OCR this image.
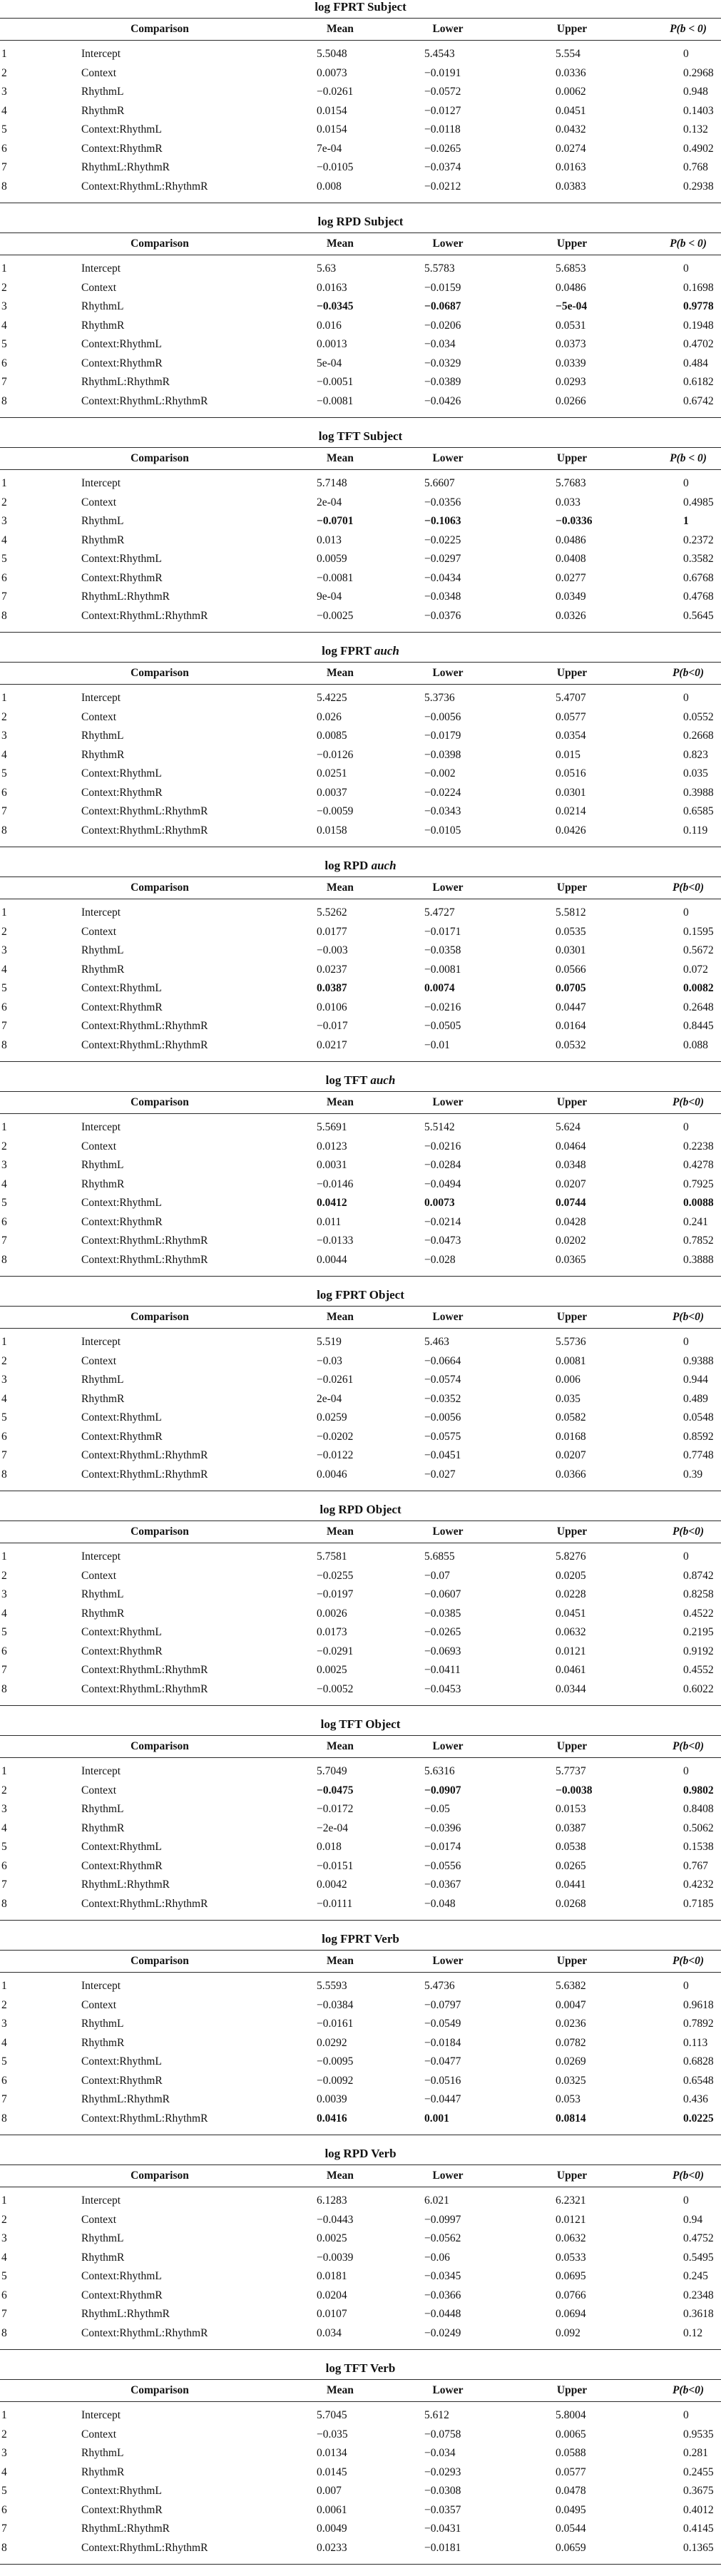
log FPRT Subject
Comparison	Mean	Lower	Upper	P(b < 0)
1	Intercept	5.5048	5.4543	5.554	0
2	Context	0.0073	−0.0191	0.0336	0.2968
3	RhythmL	−0.0261	−0.0572	0.0062	0.948
4	RhythmR	0.0154	−0.0127	0.0451	0.1403
5	Context:RhythmL	0.0154	−0.0118	0.0432	0.132
6	Context:RhythmR	7e-04	−0.0265	0.0274	0.4902
7	RhythmL:RhythmR	−0.0105	−0.0374	0.0163	0.768
8	Context:RhythmL:RhythmR	0.008	−0.0212	0.0383	0.2938
log RPD Subject
Comparison	Mean	Lower	Upper	P(b < 0)
1	Intercept	5.63	5.5783	5.6853	0
2	Context	0.0163	−0.0159	0.0486	0.1698
3	RhythmL	−0.0345	−0.0687	−5e-04	0.9778
4	RhythmR	0.016	−0.0206	0.0531	0.1948
5	Context:RhythmL	0.0013	−0.034	0.0373	0.4702
6	Context:RhythmR	5e-04	−0.0329	0.0339	0.484
7	RhythmL:RhythmR	−0.0051	−0.0389	0.0293	0.6182
8	Context:RhythmL:RhythmR	−0.0081	−0.0426	0.0266	0.6742
log TFT Subject
Comparison	Mean	Lower	Upper	P(b < 0)
1	Intercept	5.7148	5.6607	5.7683	0
2	Context	2e-04	−0.0356	0.033	0.4985
3	RhythmL	−0.0701	−0.1063	−0.0336	1
4	RhythmR	0.013	−0.0225	0.0486	0.2372
5	Context:RhythmL	0.0059	−0.0297	0.0408	0.3582
6	Context:RhythmR	−0.0081	−0.0434	0.0277	0.6768
7	RhythmL:RhythmR	9e-04	−0.0348	0.0349	0.4768
8	Context:RhythmL:RhythmR	−0.0025	−0.0376	0.0326	0.5645
log FPRT auch
Comparison	Mean	Lower	Upper	P(b<0)
1	Intercept	5.4225	5.3736	5.4707	0
2	Context	0.026	−0.0056	0.0577	0.0552
3	RhythmL	0.0085	−0.0179	0.0354	0.2668
4	RhythmR	−0.0126	−0.0398	0.015	0.823
5	Context:RhythmL	0.0251	−0.002	0.0516	0.035
6	Context:RhythmR	0.0037	−0.0224	0.0301	0.3988
7	Context:RhythmL:RhythmR	−0.0059	−0.0343	0.0214	0.6585
8	Context:RhythmL:RhythmR	0.0158	−0.0105	0.0426	0.119
log RPD auch
Comparison	Mean	Lower	Upper	P(b<0)
1	Intercept	5.5262	5.4727	5.5812	0
2	Context	0.0177	−0.0171	0.0535	0.1595
3	RhythmL	−0.003	−0.0358	0.0301	0.5672
4	RhythmR	0.0237	−0.0081	0.0566	0.072
5	Context:RhythmL	0.0387	0.0074	0.0705	0.0082
6	Context:RhythmR	0.0106	−0.0216	0.0447	0.2648
7	Context:RhythmL:RhythmR	−0.017	−0.0505	0.0164	0.8445
8	Context:RhythmL:RhythmR	0.0217	−0.01	0.0532	0.088
log TFT auch
Comparison	Mean	Lower	Upper	P(b<0)
1	Intercept	5.5691	5.5142	5.624	0
2	Context	0.0123	−0.0216	0.0464	0.2238
3	RhythmL	0.0031	−0.0284	0.0348	0.4278
4	RhythmR	−0.0146	−0.0494	0.0207	0.7925
5	Context:RhythmL	0.0412	0.0073	0.0744	0.0088
6	Context:RhythmR	0.011	−0.0214	0.0428	0.241
7	Context:RhythmL:RhythmR	−0.0133	−0.0473	0.0202	0.7852
8	Context:RhythmL:RhythmR	0.0044	−0.028	0.0365	0.3888
log FPRT Object
Comparison	Mean	Lower	Upper	P(b<0)
1	Intercept	5.519	5.463	5.5736	0
2	Context	−0.03	−0.0664	0.0081	0.9388
3	RhythmL	−0.0261	−0.0574	0.006	0.944
4	RhythmR	2e-04	−0.0352	0.035	0.489
5	Context:RhythmL	0.0259	−0.0056	0.0582	0.0548
6	Context:RhythmR	−0.0202	−0.0575	0.0168	0.8592
7	Context:RhythmL:RhythmR	−0.0122	−0.0451	0.0207	0.7748
8	Context:RhythmL:RhythmR	0.0046	−0.027	0.0366	0.39
log RPD Object
Comparison	Mean	Lower	Upper	P(b<0)
1	Intercept	5.7581	5.6855	5.8276	0
2	Context	−0.0255	−0.07	0.0205	0.8742
3	RhythmL	−0.0197	−0.0607	0.0228	0.8258
4	RhythmR	0.0026	−0.0385	0.0451	0.4522
5	Context:RhythmL	0.0173	−0.0265	0.0632	0.2195
6	Context:RhythmR	−0.0291	−0.0693	0.0121	0.9192
7	Context:RhythmL:RhythmR	0.0025	−0.0411	0.0461	0.4552
8	Context:RhythmL:RhythmR	−0.0052	−0.0453	0.0344	0.6022
log TFT Object
Comparison	Mean	Lower	Upper	P(b<0)
1	Intercept	5.7049	5.6316	5.7737	0
2	Context	−0.0475	−0.0907	−0.0038	0.9802
3	RhythmL	−0.0172	−0.05	0.0153	0.8408
4	RhythmR	−2e-04	−0.0396	0.0387	0.5062
5	Context:RhythmL	0.018	−0.0174	0.0538	0.1538
6	Context:RhythmR	−0.0151	−0.0556	0.0265	0.767
7	RhythmL:RhythmR	0.0042	−0.0367	0.0441	0.4232
8	Context:RhythmL:RhythmR	−0.0111	−0.048	0.0268	0.7185
log FPRT Verb
Comparison	Mean	Lower	Upper	P(b<0)
1	Intercept	5.5593	5.4736	5.6382	0
2	Context	−0.0384	−0.0797	0.0047	0.9618
3	RhythmL	−0.0161	−0.0549	0.0236	0.7892
4	RhythmR	0.0292	−0.0184	0.0782	0.113
5	Context:RhythmL	−0.0095	−0.0477	0.0269	0.6828
6	Context:RhythmR	−0.0092	−0.0516	0.0325	0.6548
7	RhythmL:RhythmR	0.0039	−0.0447	0.053	0.436
8	Context:RhythmL:RhythmR	0.0416	0.001	0.0814	0.0225
log RPD Verb
Comparison	Mean	Lower	Upper	P(b<0)
1	Intercept	6.1283	6.021	6.2321	0
2	Context	−0.0443	−0.0997	0.0121	0.94
3	RhythmL	0.0025	−0.0562	0.0632	0.4752
4	RhythmR	−0.0039	−0.06	0.0533	0.5495
5	Context:RhythmL	0.0181	−0.0345	0.0695	0.245
6	Context:RhythmR	0.0204	−0.0366	0.0766	0.2348
7	RhythmL:RhythmR	0.0107	−0.0448	0.0694	0.3618
8	Context:RhythmL:RhythmR	0.034	−0.0249	0.092	0.12
log TFT Verb
Comparison	Mean	Lower	Upper	P(b<0)
1	Intercept	5.7045	5.612	5.8004	0
2	Context	−0.035	−0.0758	0.0065	0.9535
3	RhythmL	0.0134	−0.034	0.0588	0.281
4	RhythmR	0.0145	−0.0293	0.0577	0.2455
5	Context:RhythmL	0.007	−0.0308	0.0478	0.3675
6	Context:RhythmR	0.0061	−0.0357	0.0495	0.4012
7	RhythmL:RhythmR	0.0049	−0.0431	0.0544	0.4145
8	Context:RhythmL:RhythmR	0.0233	−0.0181	0.0659	0.1365
